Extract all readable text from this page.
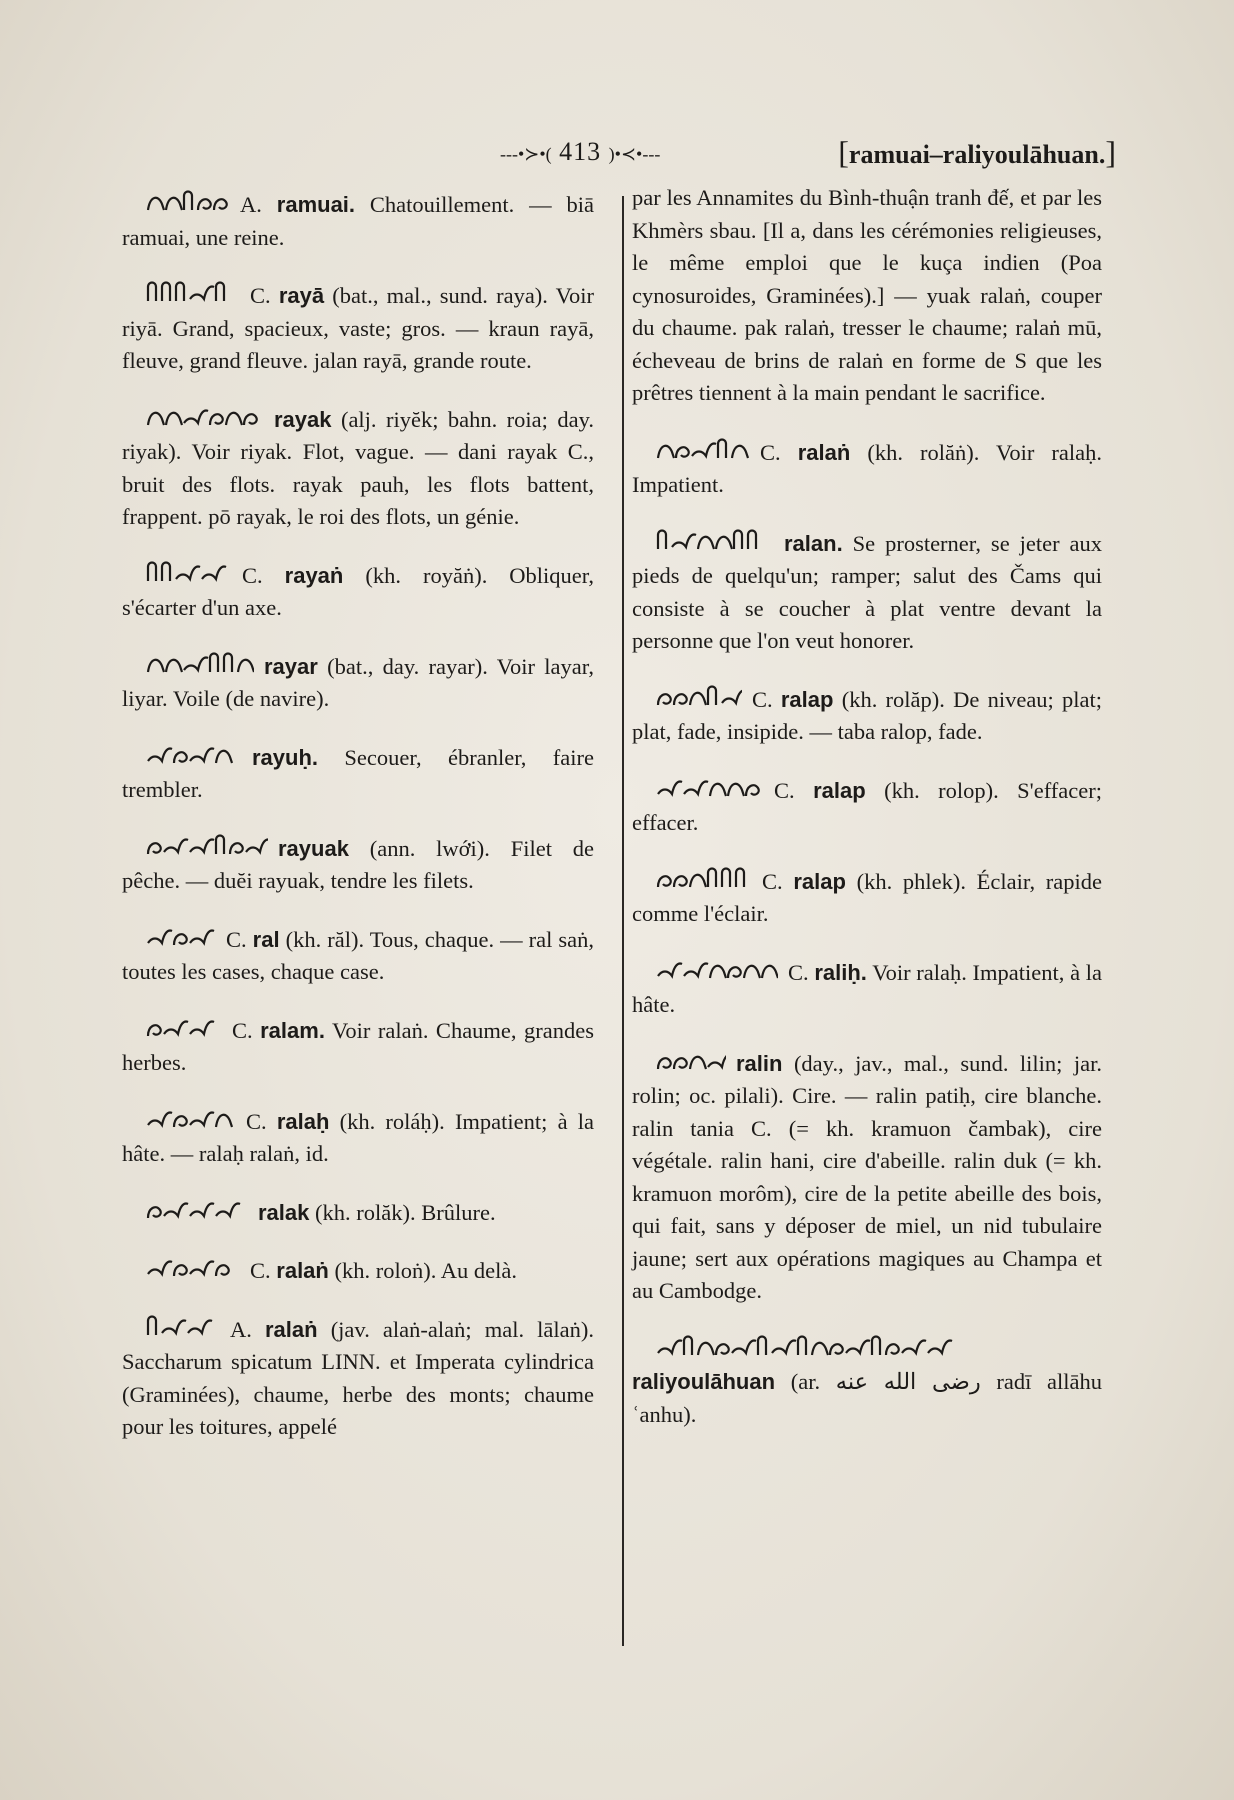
---•≻•( 413 )•≺•---	[ramuai–raliyoulāhuan.]

A. ramuai. Chatouillement. — biā ramuai, une reine.

C. rayā (bat., mal., sund. raya). Voir riyā. Grand, spacieux, vaste; gros. — kraun rayā, fleuve, grand fleuve. jalan rayā, grande route.

rayak (alj. riyĕk; bahn. roia; day. riyak). Voir riyak. Flot, vague. — dani rayak C., bruit des flots. rayak pauh, les flots battent, frappent. pō rayak, le roi des flots, un génie.

C. rayaṅ (kh. royăṅ). Obliquer, s'écarter d'un axe.

rayar (bat., day. rayar). Voir layar, liyar. Voile (de navire).

rayuḥ. Secouer, ébranler, faire trembler.

rayuak (ann. lwới). Filet de pêche. — duĕi rayuak, tendre les filets.

C. ral (kh. răl). Tous, chaque. — ral saṅ, toutes les cases, chaque case.

C. ralam. Voir ralaṅ. Chaume, grandes herbes.

C. ralaḥ (kh. roláḥ). Impatient; à la hâte. — ralaḥ ralaṅ, id.

ralak (kh. rolăk). Brûlure.

C. ralaṅ (kh. roloṅ). Au delà.

A. ralaṅ (jav. alaṅ-alaṅ; mal. lālaṅ). Saccharum spicatum LINN. et Imperata cylindrica (Graminées), chaume, herbe des monts; chaume pour les toitures, appelé

par les Annamites du Bình-thuận tranh đế, et par les Khmèrs sbau. [Il a, dans les cérémonies religieuses, le même emploi que le kuça indien (Poa cynosuroides, Graminées).] — yuak ralaṅ, couper du chaume. pak ralaṅ, tresser le chaume; ralaṅ mū, écheveau de brins de ralaṅ en forme de S que les prêtres tiennent à la main pendant le sacrifice.

C. ralaṅ (kh. rolăṅ). Voir ralaḥ. Impatient.

ralan. Se prosterner, se jeter aux pieds de quelqu'un; ramper; salut des Čams qui consiste à se coucher à plat ventre devant la personne que l'on veut honorer.

C. ralap (kh. rolăp). De niveau; plat; plat, fade, insipide. — taba ralop, fade.

C. ralap (kh. rolop). S'effacer; effacer.

C. ralap (kh. phlek). Éclair, rapide comme l'éclair.

C. raliḥ. Voir ralaḥ. Impatient, à la hâte.

ralin (day., jav., mal., sund. lilin; jar. rolin; oc. pilali). Cire. — ralin patiḥ, cire blanche. ralin tania C. (= kh. kramuon čambak), cire végétale. ralin hani, cire d'abeille. ralin duk (= kh. kramuon morôm), cire de la petite abeille des bois, qui fait, sans y déposer de miel, un nid tubulaire jaune; sert aux opérations magiques au Champa et au Cambodge.

raliyoulāhuan (ar. رضى الله عنه radī allāhu ʿanhu).
